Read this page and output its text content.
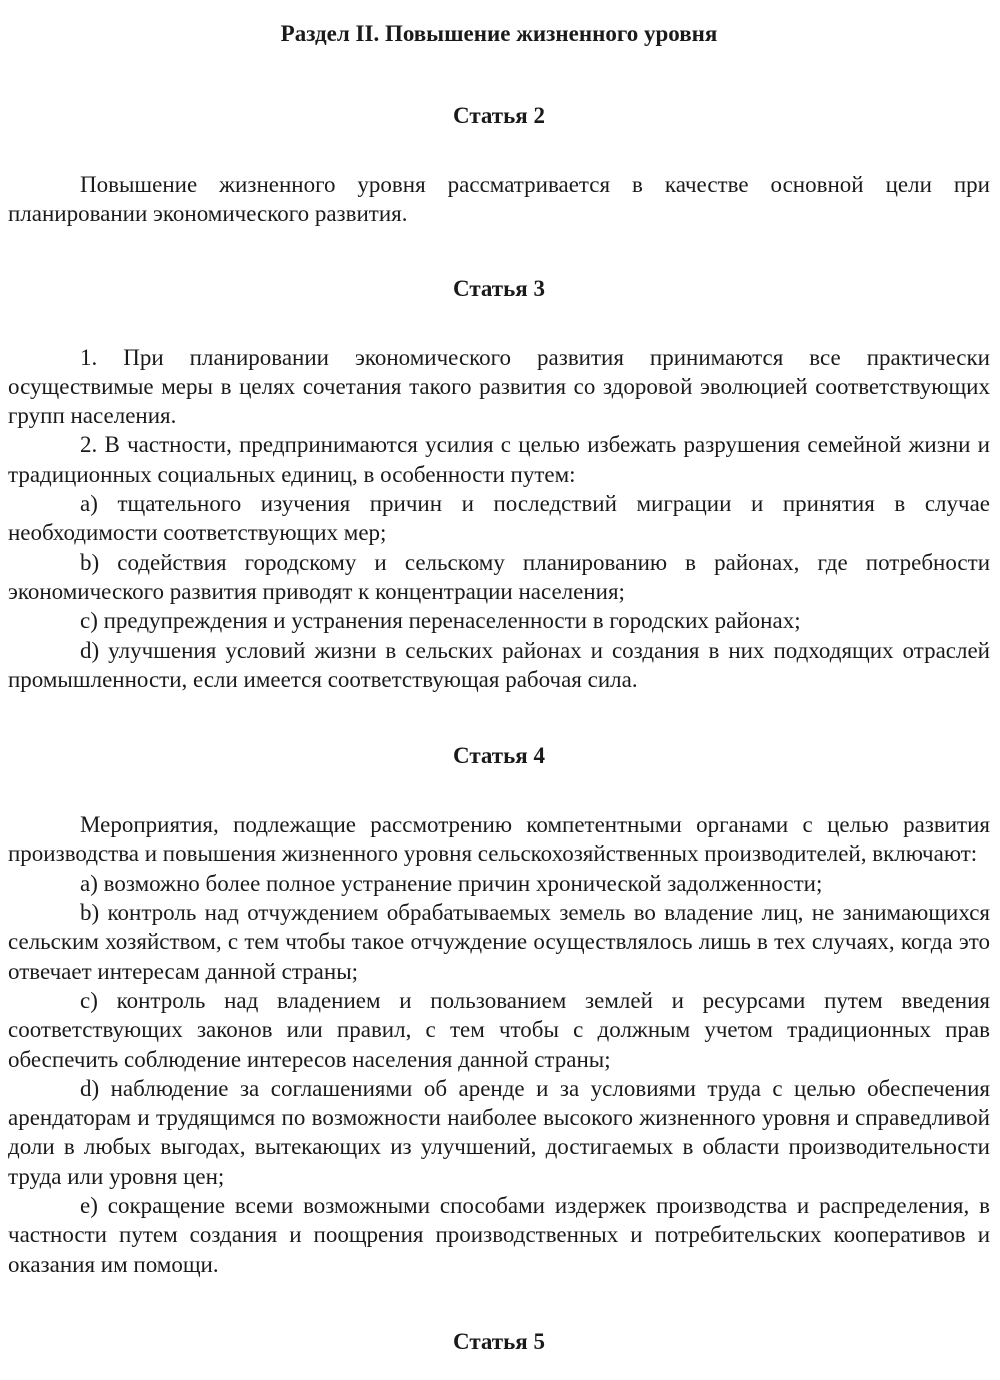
Раздел II. Повышение жизненного уровня
Статья 2

Повышение жизненного уровня рассматривается в качестве основной цели при планировании экономического развития.

Статья 3

1. При планировании экономического развития принимаются все практически осуществимые меры в целях сочетания такого развития со здоровой эволюцией соответствующих групп населения.

2. В частности, предпринимаются усилия с целью избежать разрушения семейной жизни и традиционных социальных единиц, в особенности путем:

a) тщательного изучения причин и последствий миграции и принятия в случае необходимости соответствующих мер;

b) содействия городскому и сельскому планированию в районах, где потребности экономического развития приводят к концентрации населения;

c) предупреждения и устранения перенаселенности в городских районах;

d) улучшения условий жизни в сельских районах и создания в них подходящих отраслей промышленности, если имеется соответствующая рабочая сила.

Статья 4

Мероприятия, подлежащие рассмотрению компетентными органами с целью развития производства и повышения жизненного уровня сельскохозяйственных производителей, включают:

a) возможно более полное устранение причин хронической задолженности;

b) контроль над отчуждением обрабатываемых земель во владение лиц, не занимающихся сельским хозяйством, с тем чтобы такое отчуждение осуществлялось лишь в тех случаях, когда это отвечает интересам данной страны;

c) контроль над владением и пользованием землей и ресурсами путем введения соответствующих законов или правил, с тем чтобы с должным учетом традиционных прав обеспечить соблюдение интересов населения данной страны;

d) наблюдение за соглашениями об аренде и за условиями труда с целью обеспечения арендаторам и трудящимся по возможности наиболее высокого жизненного уровня и справедливой доли в любых выгодах, вытекающих из улучшений, достигаемых в области производительности труда или уровня цен;

e) сокращение всеми возможными способами издержек производства и распределения, в частности путем создания и поощрения производственных и потребительских кооперативов и оказания им помощи.

Статья 5
